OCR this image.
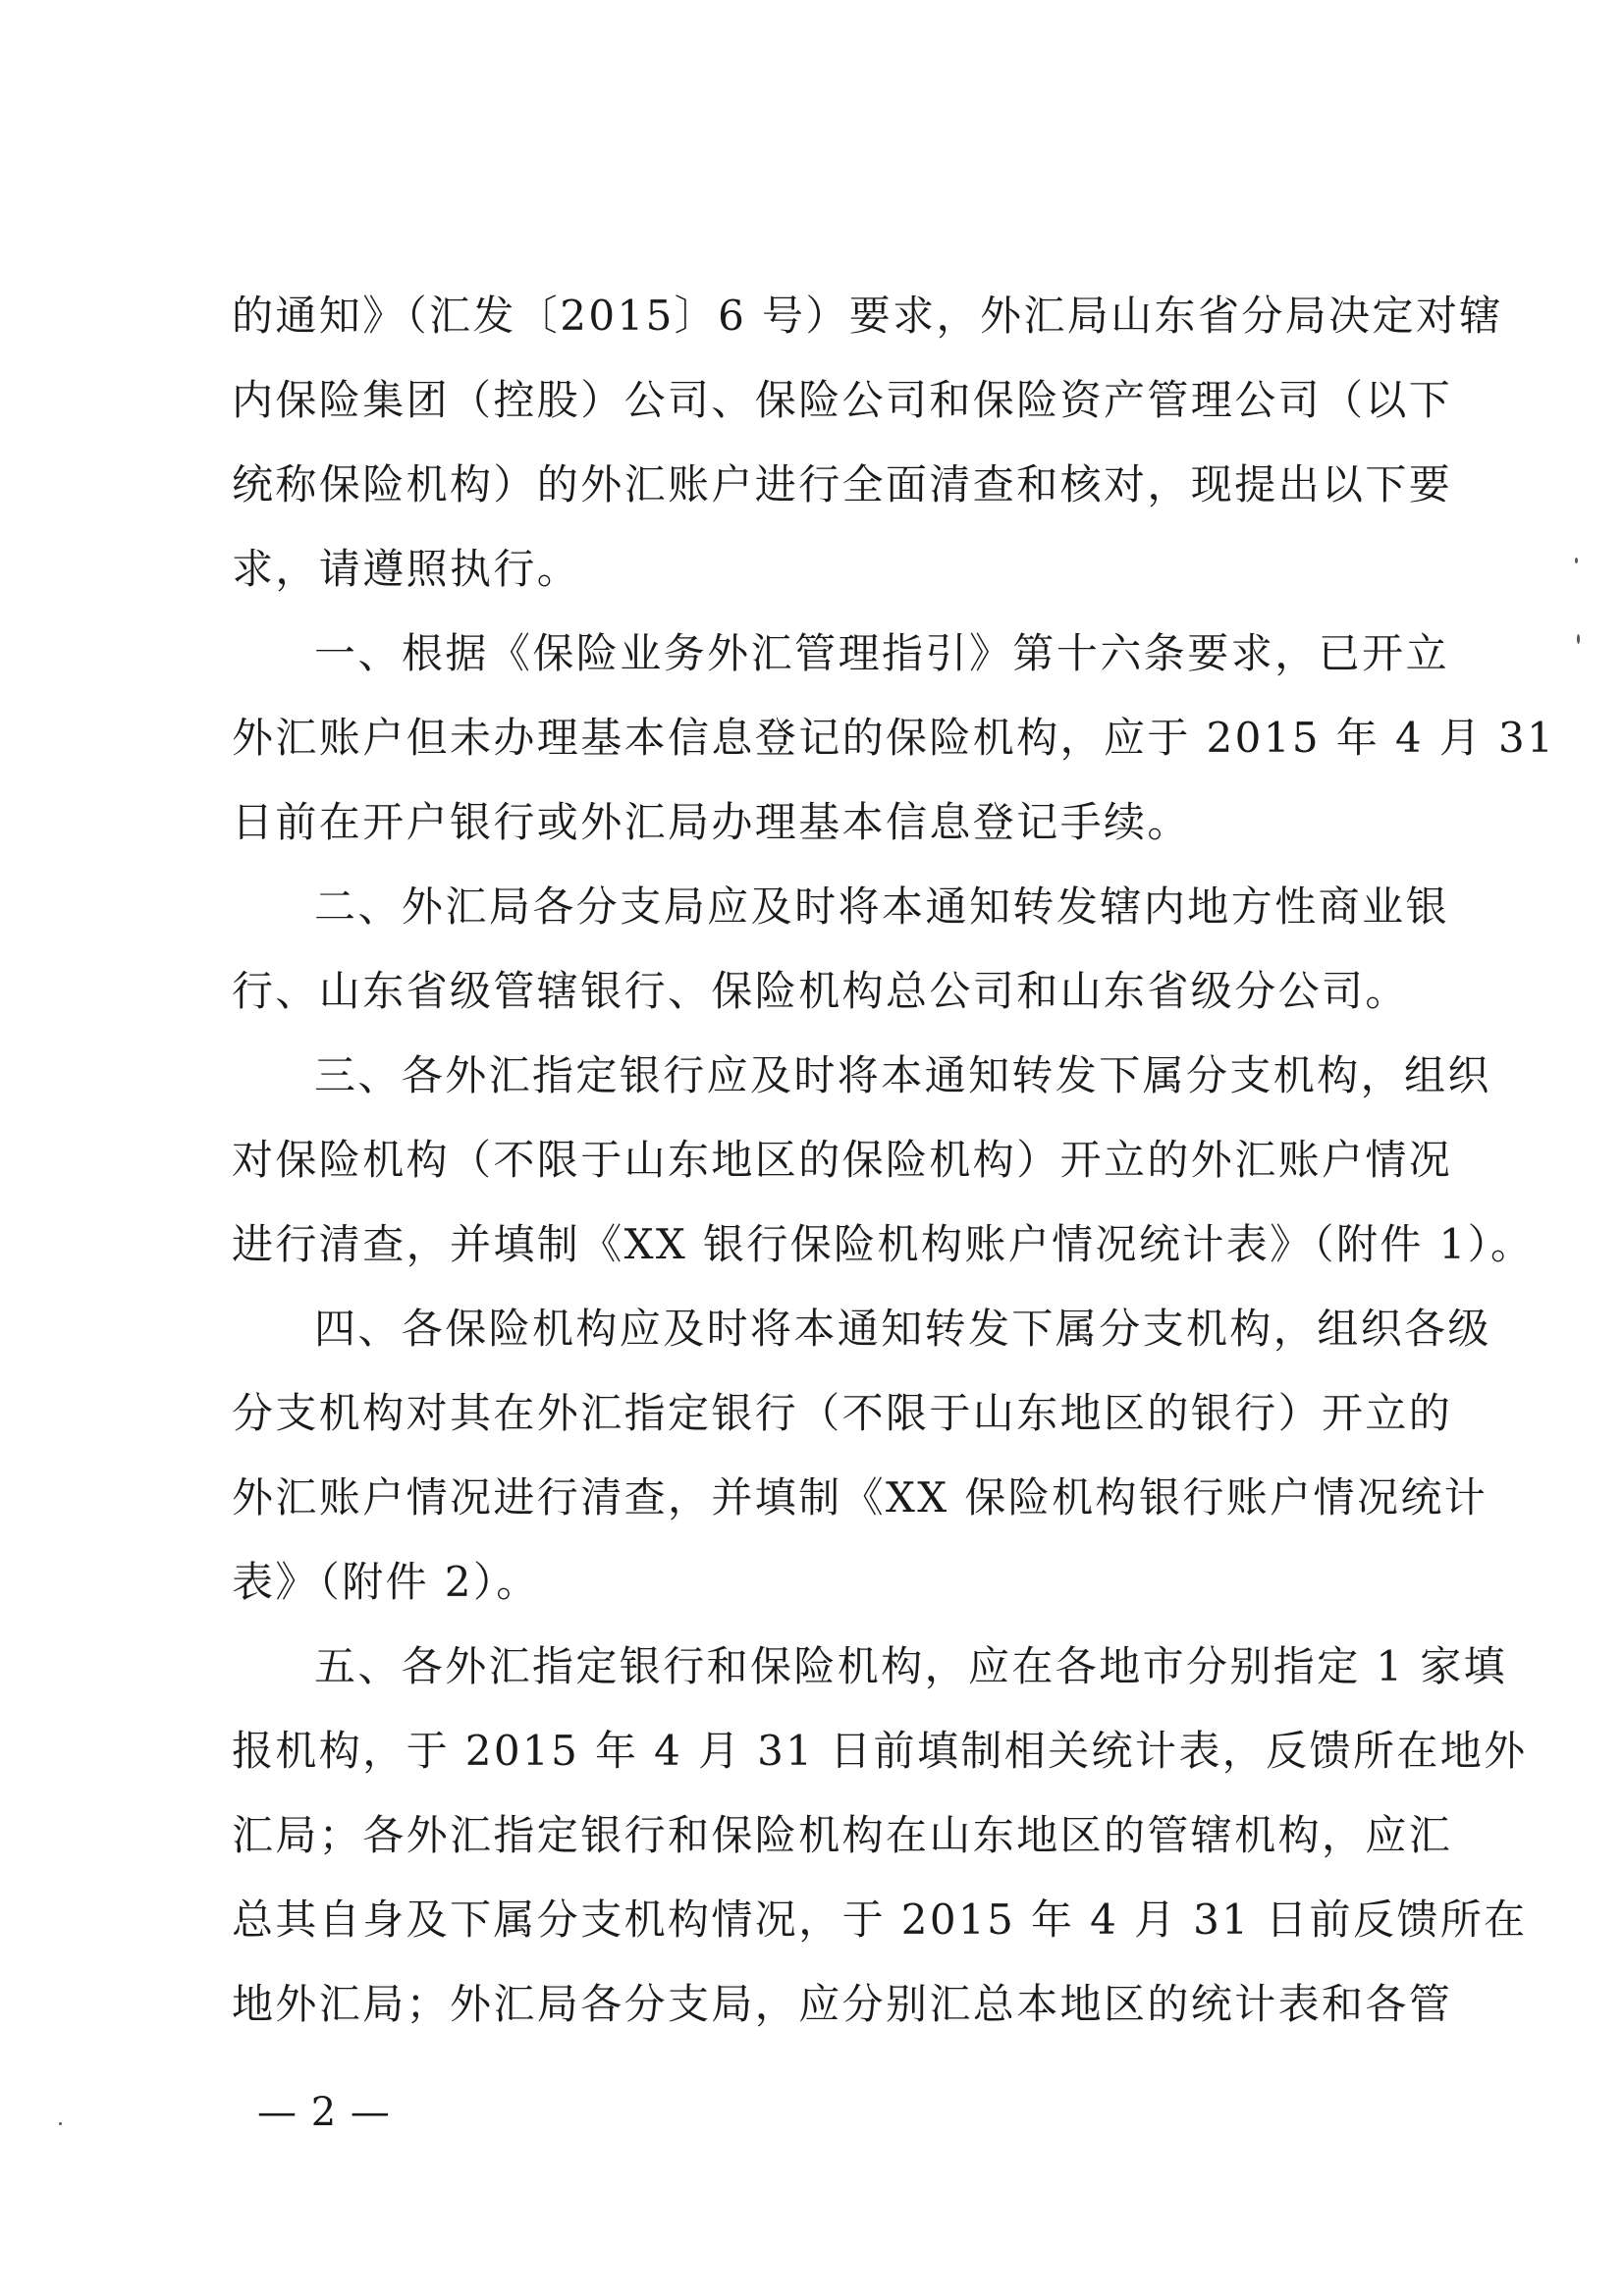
的通知》（汇发〔2015〕6 号）要求，外汇局山东省分局决定对辖
内保险集团（控股）公司、保险公司和保险资产管理公司（以下
统称保险机构）的外汇账户进行全面清查和核对，现提出以下要
求，请遵照执行。
一、根据《保险业务外汇管理指引》第十六条要求，已开立
外汇账户但未办理基本信息登记的保险机构，应于 2015 年 4 月 31
日前在开户银行或外汇局办理基本信息登记手续。
二、外汇局各分支局应及时将本通知转发辖内地方性商业银
行、山东省级管辖银行、保险机构总公司和山东省级分公司。
三、各外汇指定银行应及时将本通知转发下属分支机构，组织
对保险机构（不限于山东地区的保险机构）开立的外汇账户情况
进行清查，并填制《XX 银行保险机构账户情况统计表》（附件 1）。
四、各保险机构应及时将本通知转发下属分支机构，组织各级
分支机构对其在外汇指定银行（不限于山东地区的银行）开立的
外汇账户情况进行清查，并填制《XX 保险机构银行账户情况统计
表》（附件 2）。
五、各外汇指定银行和保险机构，应在各地市分别指定 1 家填
报机构，于 2015 年 4 月 31 日前填制相关统计表，反馈所在地外
汇局；各外汇指定银行和保险机构在山东地区的管辖机构，应汇
总其自身及下属分支机构情况，于 2015 年 4 月 31 日前反馈所在
地外汇局；外汇局各分支局，应分别汇总本地区的统计表和各管
— 2 —
